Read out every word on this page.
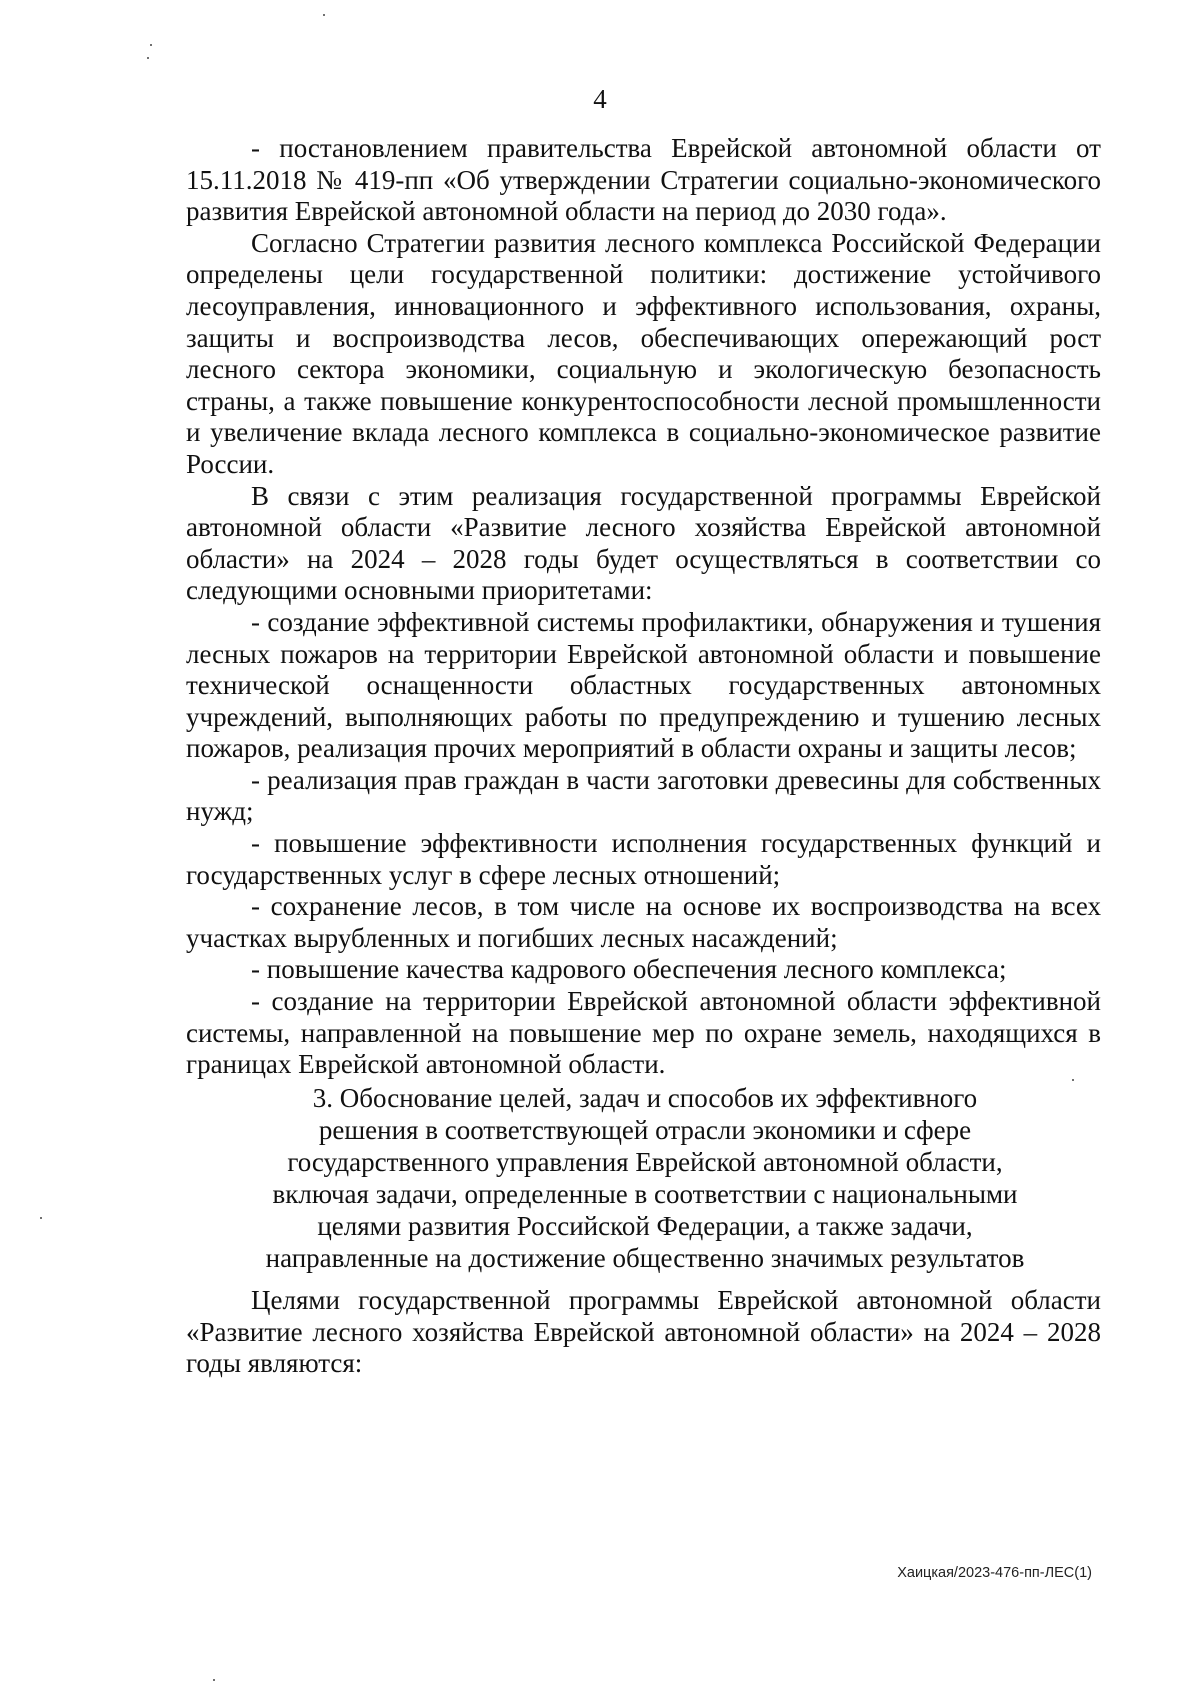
4

- постановлением правительства Еврейской автономной области от 15.11.2018 № 419-пп «Об утверждении Стратегии социально-экономического развития Еврейской автономной области на период до 2030 года».

Согласно Стратегии развития лесного комплекса Российской Федерации определены цели государственной политики: достижение устойчивого лесоуправления, инновационного и эффективного использования, охраны, защиты и воспроизводства лесов, обеспечивающих опережающий рост лесного сектора экономики, социальную и экологическую безопасность страны, а также повышение конкурентоспособности лесной промышленности и увеличение вклада лесного комплекса в социально-экономическое развитие России.

В связи с этим реализация государственной программы Еврейской автономной области «Развитие лесного хозяйства Еврейской автономной области» на 2024 – 2028 годы будет осуществляться в соответствии со следующими основными приоритетами:

- создание эффективной системы профилактики, обнаружения и тушения лесных пожаров на территории Еврейской автономной области и повышение технической оснащенности областных государственных автономных учреждений, выполняющих работы по предупреждению и тушению лесных пожаров, реализация прочих мероприятий в области охраны и защиты лесов;

- реализация прав граждан в части заготовки древесины для собственных нужд;

- повышение эффективности исполнения государственных функций и государственных услуг в сфере лесных отношений;

- сохранение лесов, в том числе на основе их воспроизводства на всех участках вырубленных и погибших лесных насаждений;

- повышение качества кадрового обеспечения лесного комплекса;

- создание на территории Еврейской автономной области эффективной системы, направленной на повышение мер по охране земель, находящихся в границах Еврейской автономной области.

3. Обоснование целей, задач и способов их эффективного
решения в соответствующей отрасли экономики и сфере
государственного управления Еврейской автономной области,
включая задачи, определенные в соответствии с национальными
целями развития Российской Федерации, а также задачи,
направленные на достижение общественно значимых результатов

Целями государственной программы Еврейской автономной области «Развитие лесного хозяйства Еврейской автономной области» на 2024 – 2028 годы являются:

Хаицкая/2023-476-пп-ЛЕС(1)
